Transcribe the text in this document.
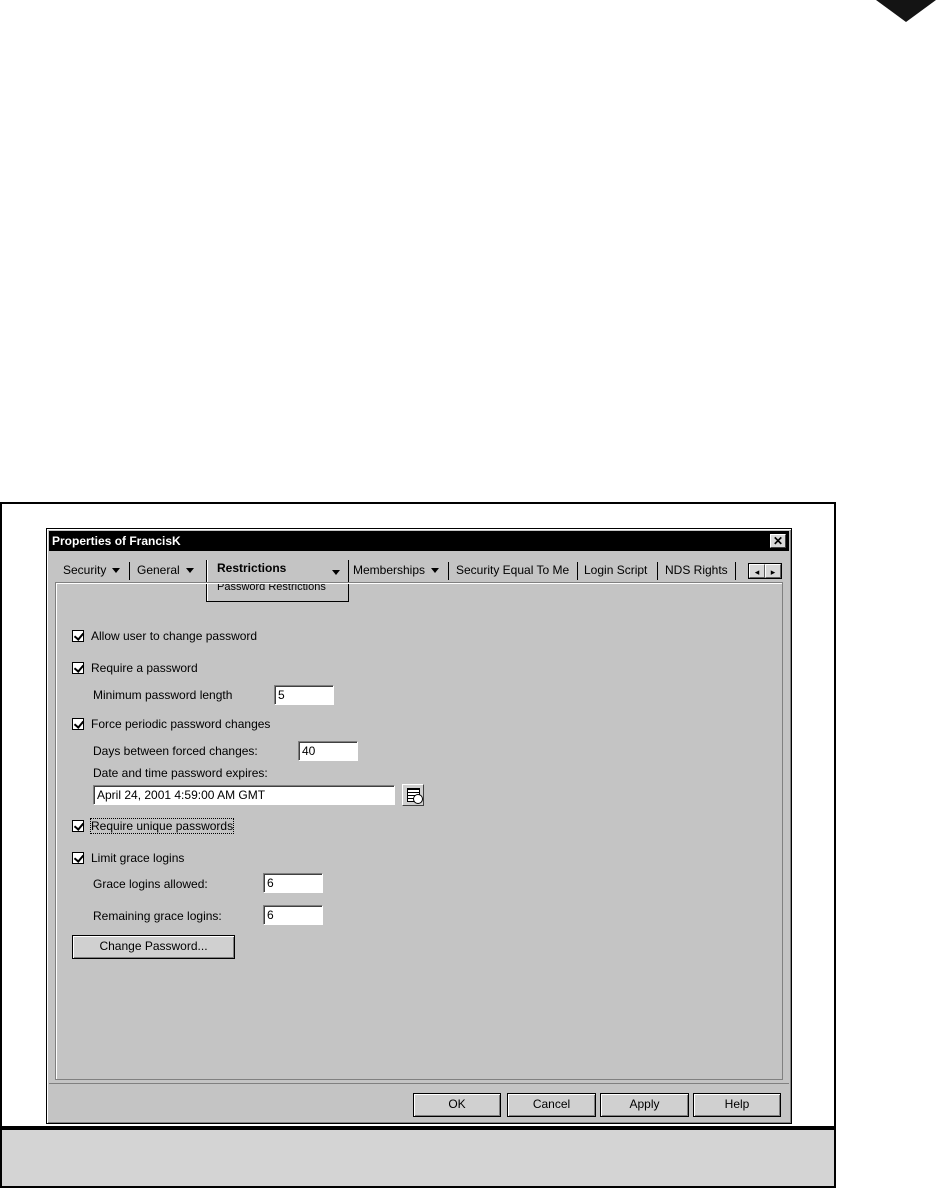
Properties of FrancisK	✕
Security	General	Memberships	Security Equal To Me Login Script NDS Rights
Restrictions
Password Restrictions
◂	▸
Allow user to change password
Require a password
Minimum password length	5
Force periodic password changes
Days between forced changes:	40
Date and time password expires:
April 24, 2001 4:59:00 AM GMT
Require unique passwords
Limit grace logins
Grace logins allowed:	6
Remaining grace logins:	6
Change Password...
OK	Cancel	Apply	Help
